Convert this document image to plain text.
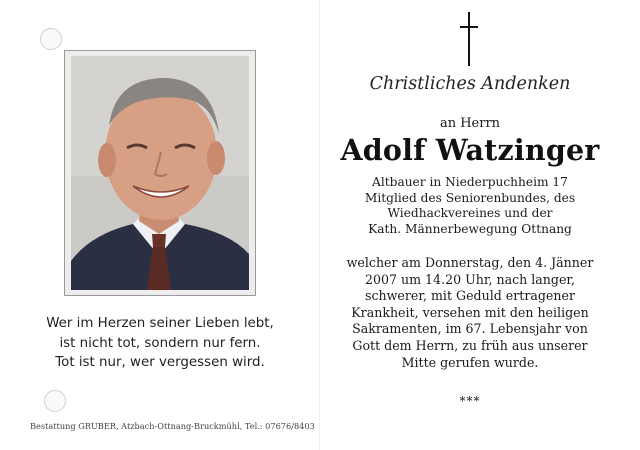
Wer im Herzen seiner Lieben lebt,
ist nicht tot, sondern nur fern.
Tot ist nur, wer vergessen wird.
Bestattung GRUBER, Atzbach-Ottnang-Bruckmühl, Tel.: 07676/8403
Christliches Andenken
an Herrn
Adolf Watzinger
Altbauer in Niederpuchheim 17
Mitglied des Seniorenbundes, des
Wiedhackvereines und der
Kath. Männerbewegung Ottnang
welcher am Donnerstag, den 4. Jänner
2007 um 14.20 Uhr, nach langer,
schwerer, mit Geduld ertragener
Krankheit, versehen mit den heiligen
Sakramenten, im 67. Lebensjahr von
Gott dem Herrn, zu früh aus unserer
Mitte gerufen wurde.
***
